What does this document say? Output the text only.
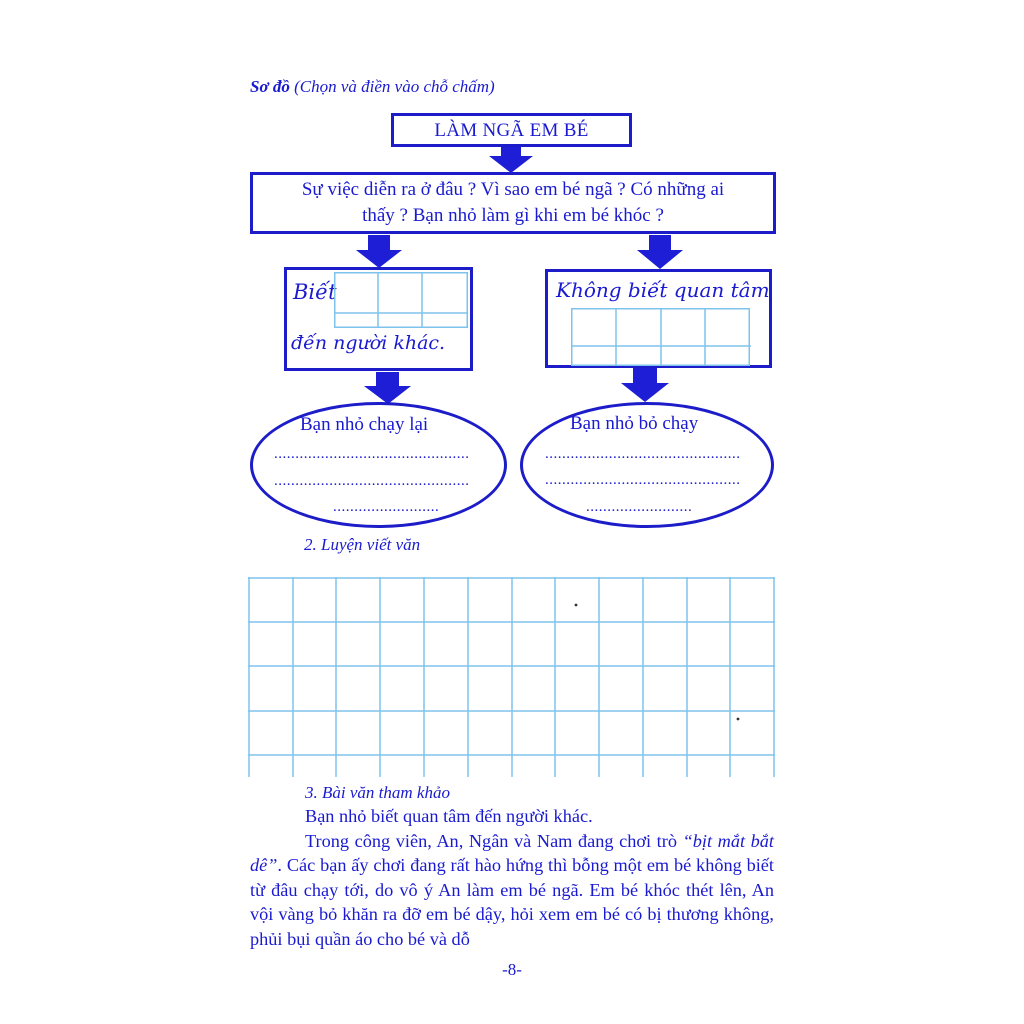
Sơ đồ (Chọn và điền vào chỗ chấm)
LÀM NGÃ EM BÉ
Sự việc diễn ra ở đâu ? Vì sao em bé ngã ? Có những ai
thấy ? Bạn nhỏ làm gì khi em bé khóc ?
Biết
đến người khác.
Không biết quan tâm
Bạn nhỏ chạy lại
..............................................
..............................................
.........................
Bạn nhỏ bỏ chạy
..............................................
..............................................
.........................
2. Luyện viết văn
3. Bài văn tham khảo

Bạn nhỏ biết quan tâm đến người khác.

Trong công viên, An, Ngân và Nam đang chơi trò “bịt mắt bắt dê”. Các bạn ấy chơi đang rất hào hứng thì bỗng một em bé không biết từ đâu chạy tới, do vô ý An làm em bé ngã. Em bé khóc thét lên, An vội vàng bỏ khăn ra đỡ em bé dậy, hỏi xem em bé có bị thương không, phủi bụi quần áo cho bé và dỗ

-8-
